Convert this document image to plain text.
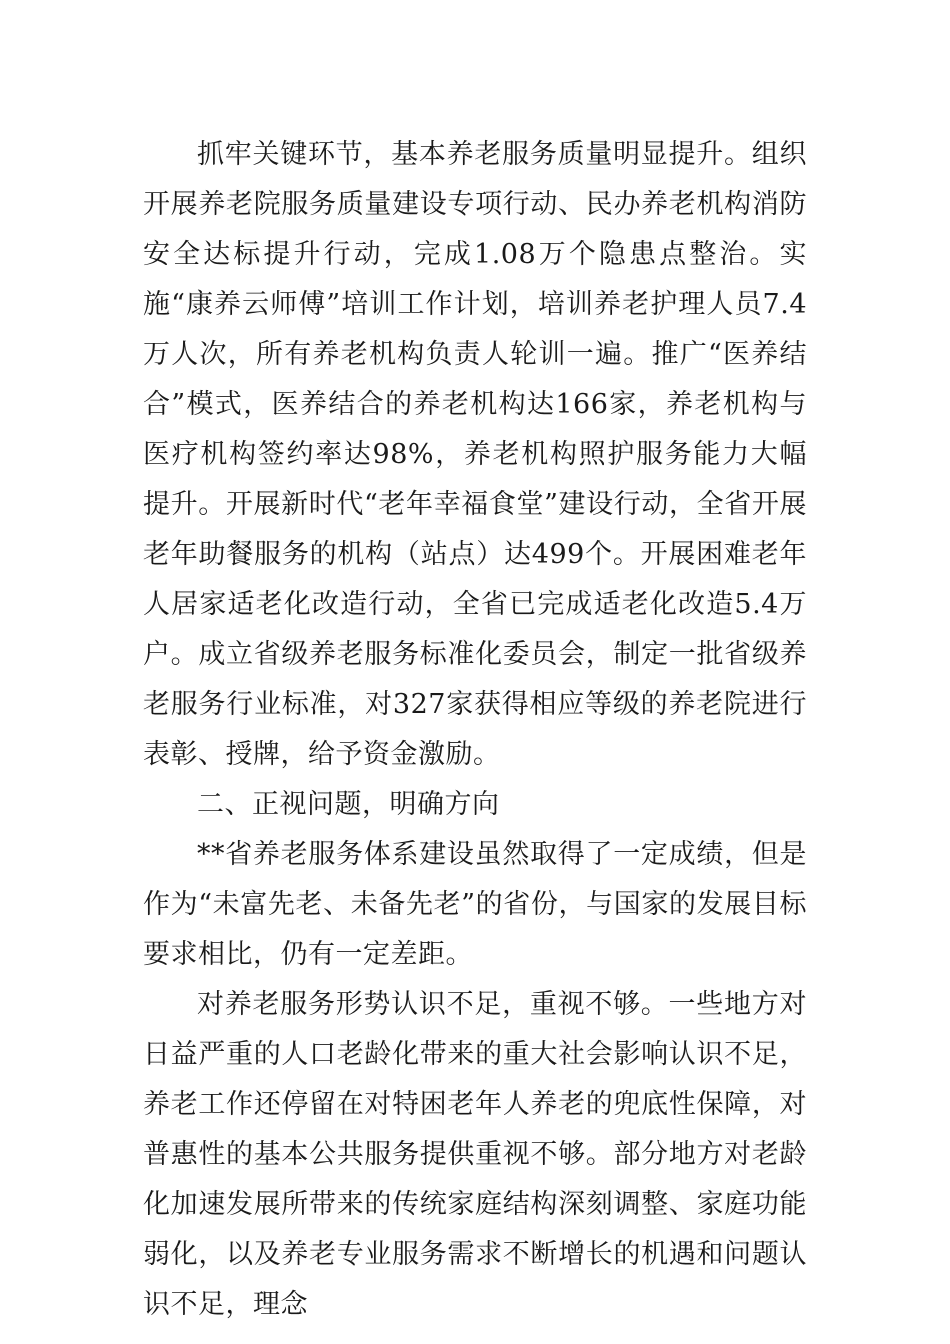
抓牢关键环节，基本养老服务质量明显提升。组织开展养老院服务质量建设专项行动、民办养老机构消防安全达标提升行动，完成1.08万个隐患点整治。实施“康养云师傅”培训工作计划，培训养老护理人员7.4万人次，所有养老机构负责人轮训一遍。推广“医养结合”模式，医养结合的养老机构达166家，养老机构与医疗机构签约率达98%，养老机构照护服务能力大幅提升。开展新时代“老年幸福食堂”建设行动，全省开展老年助餐服务的机构（站点）达499个。开展困难老年人居家适老化改造行动，全省已完成适老化改造5.4万户。成立省级养老服务标准化委员会，制定一批省级养老服务行业标准，对327家获得相应等级的养老院进行表彰、授牌，给予资金激励。

二、正视问题，明确方向

**省养老服务体系建设虽然取得了一定成绩，但是作为“未富先老、未备先老”的省份，与国家的发展目标要求相比，仍有一定差距。

对养老服务形势认识不足，重视不够。一些地方对日益严重的人口老龄化带来的重大社会影响认识不足，养老工作还停留在对特困老年人养老的兜底性保障，对普惠性的基本公共服务提供重视不够。部分地方对老龄化加速发展所带来的传统家庭结构深刻调整、家庭功能弱化，以及养老专业服务需求不断增长的机遇和问题认识不足，理念
